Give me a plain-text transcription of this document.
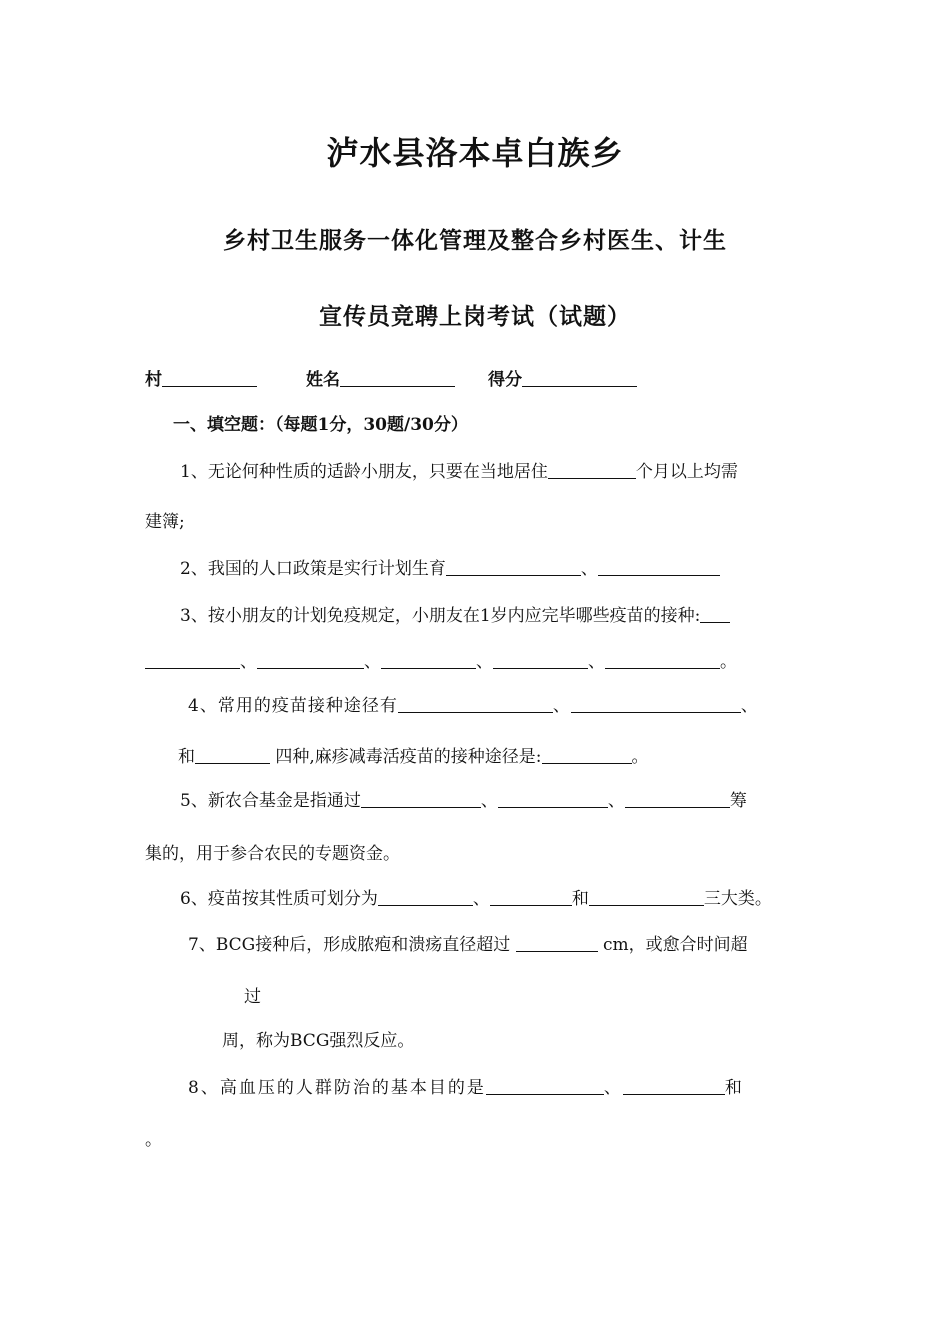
泸水县洛本卓白族乡
乡村卫生服务一体化管理及整合乡村医生、计生
宣传员竞聘上岗考试（试题）
村	姓名	得分
一、填空题：（每题1分，30题/30分）
1、无论何种性质的适龄小朋友，只要在当地居住	个月以上均需
建簿;
2、我国的人口政策是实行计划生育	、
3、按小朋友的计划免疫规定，小朋友在1岁内应完毕哪些疫苗的接种:
、	、	、	、	。
4、常用的疫苗接种途径有	、	、
和	四种,麻疹减毒活疫苗的接种途径是:	。
5、新农合基金是指通过	、	、	筹
集的，用于参合农民的专题资金。
6、疫苗按其性质可划分为	、	和	三大类。
7、BCG接种后，形成脓疱和溃疡直径超过	cm，或愈合时间超
过
周，称为BCG强烈反应。
8、高血压的人群防治的基本目的是	、	和
。
